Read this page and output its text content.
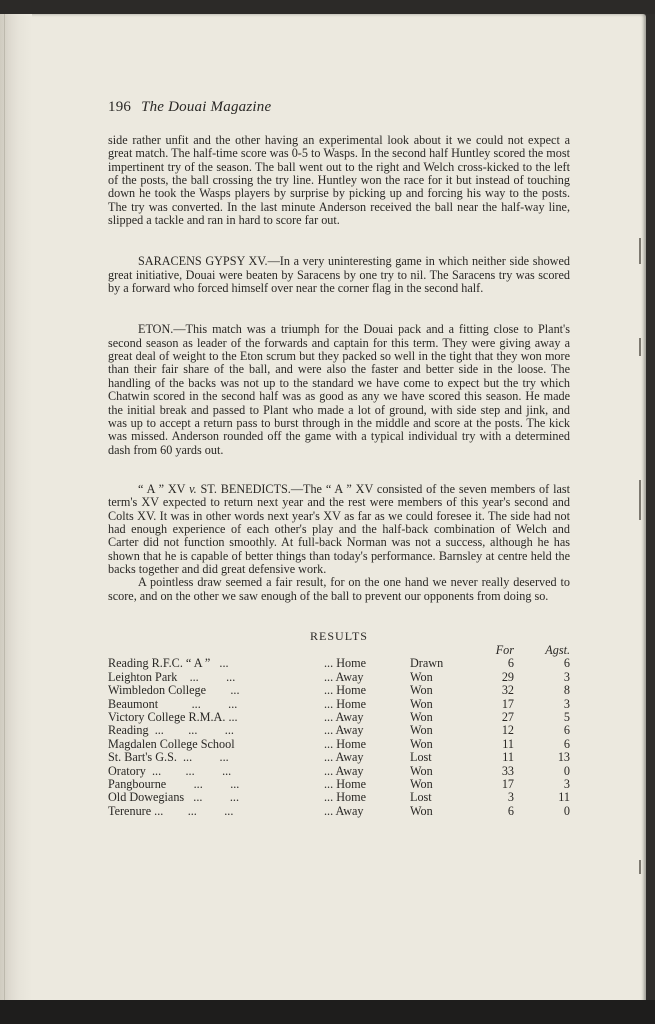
196 The Douai Magazine

side rather unfit and the other having an experimental look about it we could not expect a great match. The half-time score was 0-5 to Wasps. In the second half Huntley scored the most impertinent try of the season. The ball went out to the right and Welch cross-kicked to the left of the posts, the ball crossing the try line. Huntley won the race for it but instead of touching down he took the Wasps players by surprise by picking up and forcing his way to the posts. The try was converted. In the last minute Anderson received the ball near the half-way line, slipped a tackle and ran in hard to score far out.

SARACENS GYPSY XV.—In a very uninteresting game in which neither side showed great initiative, Douai were beaten by Saracens by one try to nil. The Saracens try was scored by a forward who forced himself over near the corner flag in the second half.

ETON.—This match was a triumph for the Douai pack and a fitting close to Plant's second season as leader of the forwards and captain for this term. They were giving away a great deal of weight to the Eton scrum but they packed so well in the tight that they won more than their fair share of the ball, and were also the faster and better side in the loose. The handling of the backs was not up to the standard we have come to expect but the try which Chatwin scored in the second half was as good as any we have scored this season. He made the initial break and passed to Plant who made a lot of ground, with side step and jink, and was up to accept a return pass to burst through in the middle and score at the posts. The kick was missed. Anderson rounded off the game with a typical individual try with a determined dash from 60 yards out.

“ A ” XV v. ST. BENEDICTS.—The “ A ” XV consisted of the seven members of last term's XV expected to return next year and the rest were members of this year's second and Colts XV. It was in other words next year's XV as far as we could foresee it. The side had not had enough experience of each other's play and the half-back combination of Welch and Carter did not function smoothly. At full-back Norman was not a success, although he has shown that he is capable of better things than today's performance. Barnsley at centre held the backs together and did great defensive work.

A pointless draw seemed a fair result, for on the one hand we never really deserved to score, and on the other we saw enough of the ball to prevent our opponents from doing so.

RESULTS
			For	Agst.
Reading R.F.C. “ A ”   ...	... Home	Drawn	6	6
Leighton Park    ...         ...	... Away	Won	29	3
Wimbledon College        ...	... Home	Won	32	8
Beaumont           ...         ...	... Home	Won	17	3
Victory College R.M.A. ...	... Away	Won	27	5
Reading  ...        ...         ...	... Away	Won	12	6
Magdalen College School	... Home	Won	11	6
St. Bart's G.S.  ...         ...	... Away	Lost	11	13
Oratory  ...        ...         ...	... Away	Won	33	0
Pangbourne         ...         ...	... Home	Won	17	3
Old Dowegians   ...         ...	... Home	Lost	3	11
Terenure ...        ...         ...	... Away	Won	6	0
